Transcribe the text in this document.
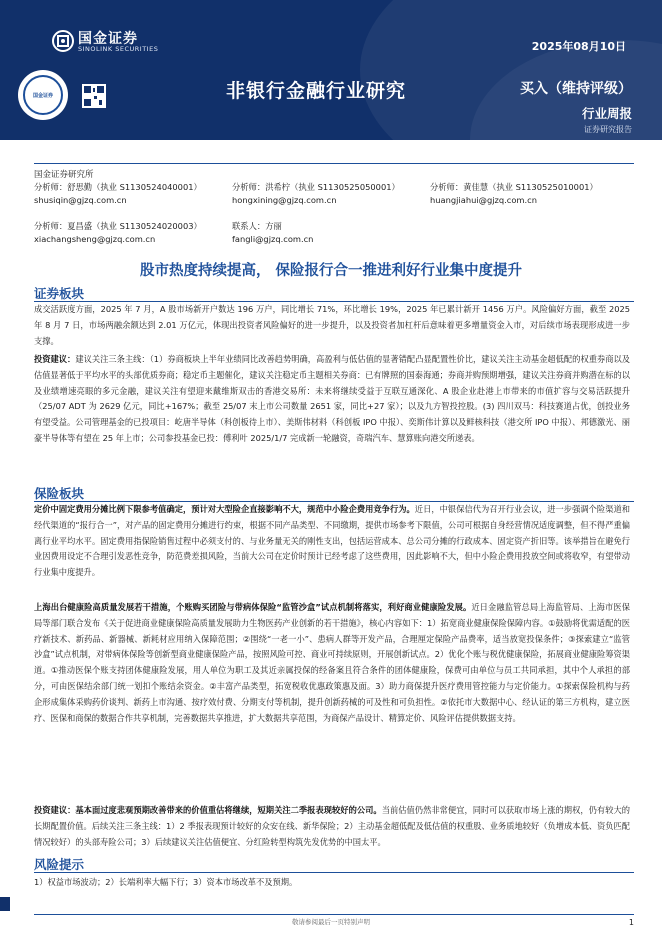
国金证券
SINOLINK SECURITIES	2025年08月10日
国金证券	非银行金融行业研究	买入（维持评级）
行业周报
证券研究报告
国金证券研究所
分析师：舒思勤（执业 S1130524040001）
shusiqin@gjzq.com.cn
分析师：洪希柠（执业 S1130525050001）
hongxining@gjzq.com.cn
分析师：黄佳慧（执业 S1130525010001）
huangjiahui@gjzq.com.cn
分析师：夏昌盛（执业 S1130524020003）
xiachangsheng@gjzq.com.cn
联系人：方丽
fangli@gjzq.com.cn
股市热度持续提高， 保险报行合一推进利好行业集中度提升
证券板块

成交活跃度方面，2025 年 7 月，A 股市场新开户数达 196 万户，同比增长 71%，环比增长 19%，2025 年已累计新开 1456 万户。风险偏好方面，截至 2025 年 8 月 7 日，市场两融余额达到 2.01 万亿元，体现出投资者风险偏好的进一步提升，以及投资者加杠杆后意味着更多增量资金入市，对后续市场表现形成进一步支撑。

投资建议：建议关注三条主线：（1）券商板块上半年业绩同比改善趋势明确，高盈利与低估值的显著错配凸显配置性价比，建议关注主动基金超低配的权重券商以及估值显著低于平均水平的头部优质券商；稳定币主题催化，建议关注稳定币主题相关券商：已有牌照的国泰海通；券商并购预期增强，建议关注券商并购潜在标的以及业绩增速亮眼的多元金融，建议关注有望迎来戴维斯双击的香港交易所：未来将继续受益于互联互通深化、A 股企业赴港上市带来的市值扩容与交易活跃提升（25/07 ADT 为 2629 亿元，同比+167%；截至 25/07 末上市公司数量 2651 家，同比+27 家）；以及九方智投控股。(3) 四川双马：科技赛道占优，创投业务有望受益。公司管理基金的已投项目：屹唐半导体（科创板待上市）、美斯伟材料（科创板 IPO 中报）、奕斯伟计算以及鲜核科技（港交所 IPO 中报）、邦德激光、丽豪半导体等有望在 25 年上市；公司参投基金已投：傅利叶 2025/1/7 完成新一轮融资，奇瑞汽车、慧算账向港交所递表。

保险板块

定价中固定费用分摊比例下限参考值确定，预计对大型险企直接影响不大，规范中小险企费用竞争行为。近日，中银保信代为召开行业会议，进一步强调个险渠道和经代渠道的“报行合一”，对产品的固定费用分摊进行约束，根据不同产品类型、不同缴期，提供市场参考下限值，公司可根据自身经营情况适度调整，但不得严重偏离行业平均水平。固定费用指保险销售过程中必须支付的、与业务量无关的刚性支出，包括运营成本、总公司分摊的行政成本、固定资产折旧等。该举措旨在避免行业因费用设定不合理引发恶性竞争，防范费差损风险，当前大公司在定价时预计已经考虑了这些费用，因此影响不大，但中小险企费用投放空间或将收窄，有望带动行业集中度提升。

上海出台健康险高质量发展若干措施，个账购买团险与带病体保险“监管沙盒”试点机制将落实，利好商业健康险发展。近日金融监管总局上海监管局、上海市医保局等部门联合发布《关于促进商业健康保险高质量发展助力生物医药产业创新的若干措施》，核心内容如下：1）拓宽商业健康保险保障内容。①鼓励将优需适配的医疗新技术、新药品、新器械、新耗材应用纳入保障范围；②围绕“一老一小”、患病人群等开发产品，合理厘定保险产品费率，适当放宽投保条件；③探索建立“监管沙盒”试点机制，对带病体保险等创新型商业健康保险产品，按照风险可控、商业可持续原则，开展创新试点。2）优化个账与税优健康保险，拓展商业健康险筹资渠道。①推动医保个账支持团体健康险发展，用人单位为职工及其近亲属投保的经备案且符合条件的团体健康险，保费可由单位与员工共同承担，其中个人承担的部分，可由医保结余部门统一划扣个账结余资金。②丰富产品类型，拓宽税收优惠政策惠及面。3）助力商保提升医疗费用管控能力与定价能力。①探索保险机构与药企形成集体采购药价谈判、新药上市沟通、按疗效付费、分期支付等机制，提升创新药械的可及性和可负担性。②依托市大数据中心、经认证的第三方机构，建立医疗、医保和商保的数据合作共享机制，完善数据共享推进，扩大数据共享范围，为商保产品设计、精算定价、风险评估提供数据支持。

投资建议：基本面过度悲观预期改善带来的价值重估将继续，短期关注二季报表现较好的公司。当前估值仍然非常便宜，同时可以获取市场上涨的期权，仍有较大的长期配置价值。后续关注三条主线：1）2 季报表现预计较好的众安在线、新华保险；2）主动基金超低配及低估值的权重股、业务质地较好（负增成本低、资负匹配情况较好）的头部寿险公司；3）后续建议关注估值便宜、分红险转型构筑先发优势的中国太平。

风险提示

1）权益市场波动；2）长端利率大幅下行；3）资本市场改革不及预期。

敬请参阅最后一页特别声明	1
